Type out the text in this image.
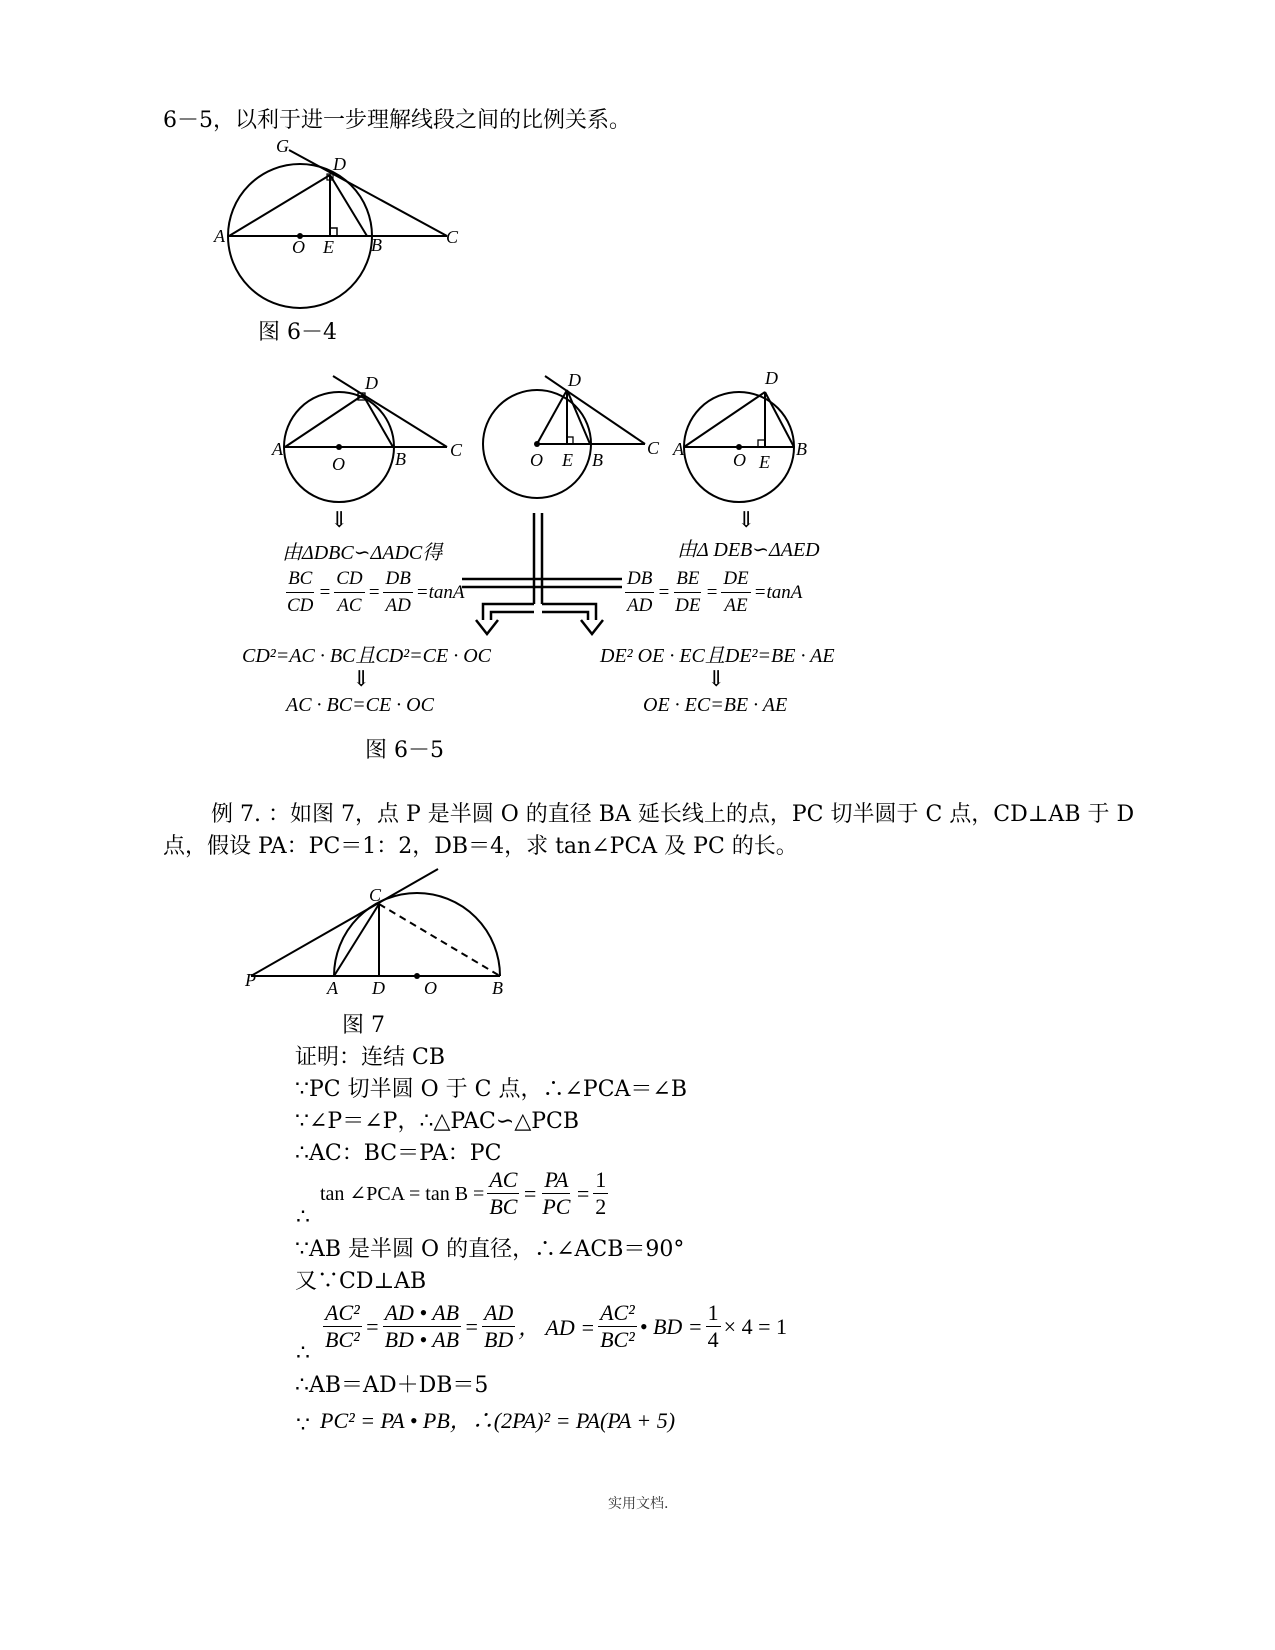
6－5，以利于进一步理解线段之间的比例关系。
G
D
A
O E B	C
图 6－4
A
D
O	B C
D
O E B
C
D
A
O E
B
⇓	⇓
由ΔDBC∽ΔADC得	由Δ DEB∽ΔAED
$\frac{BC}{CD} = \frac{CD}{AC} = \frac{DB}{AD} = \tan A$	$\frac{DB}{AD} = \frac{BE}{DE} = \frac{DE}{AE} = \tan A$
CD²=AC · BC且CD²=CE · OC
⇓
AC · BC=CE · OC
DE² OE · EC且DE²=BE · AE
⇓
OE · EC=BE · AE
图 6－5
例 7. ：如图 7，点 P 是半圆 O 的直径 BA 延长线上的点，PC 切半圆于 C 点，CD⊥AB 于 D
点，假设 PA：PC＝1：2，DB＝4，求 tan∠PCA 及 PC 的长。
C
P	A D O	B
图 7
证明：连结 CB
∵PC 切半圆 O 于 C 点，∴∠PCA＝∠B
∵∠P＝∠P，∴△PAC∽△PCB
∴AC：BC＝PA：PC
∴
tan ∠PCA = $\tan B = \frac{AC}{BC} = \frac{PA}{PC} = \frac{1}{2}$
∵AB 是半圆 O 的直径，∴∠ACB＝90°
又∵CD⊥AB
∴
$\frac{\text{AC²}}{\text{BC²}} = \frac{AD • AB}{BD • AB} = \frac{AD}{BD}$ ， AD = $\frac{\text{AC²}}{\text{BC²}}$ • BD = $\frac{1}{4} \times 4 = 1$
∴AB＝AD＋DB＝5
∵ PC² = PA • PB，∴(2PA)² = PA(PA + 5)
实用文档.
